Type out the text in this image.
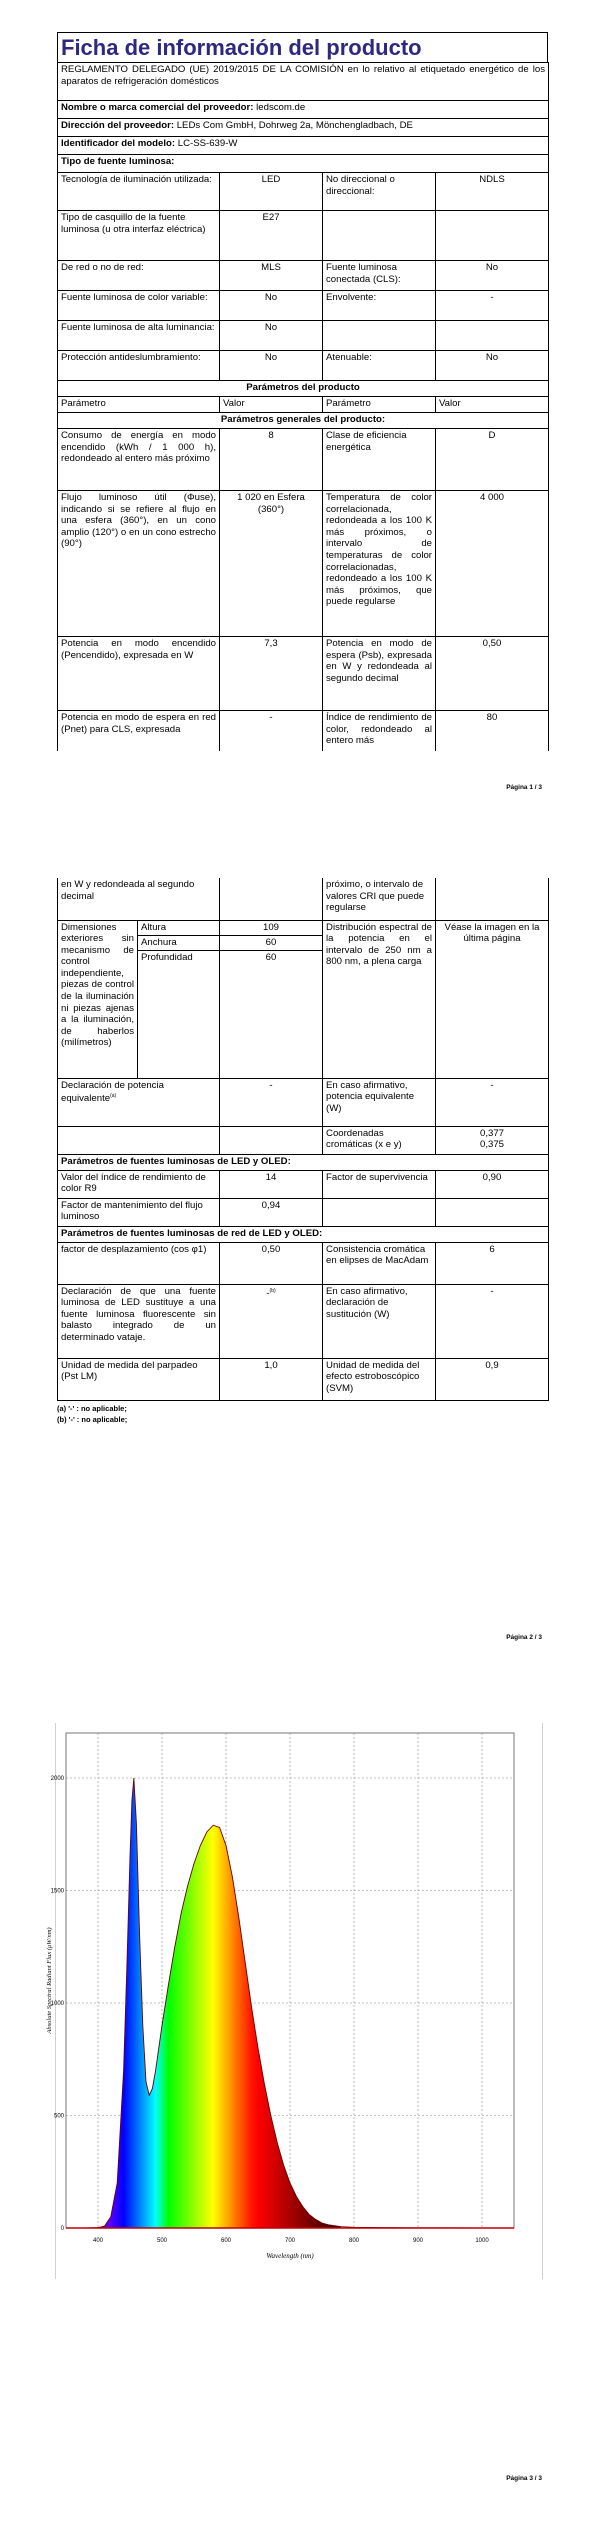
Ficha de información del producto
REGLAMENTO DELEGADO (UE) 2019/2015 DE LA COMISIÓN en lo relativo al etiquetado energético de los aparatos de refrigeración domésticos			
Nombre o marca comercial del proveedor: ledscom.de			
Dirección del proveedor: LEDs Com GmbH, Dohrweg 2a, Mönchengladbach, DE			
Identificador del modelo: LC-SS-639-W			
Tipo de fuente luminosa:			
Tecnología de iluminación utilizada:	LED	No direccional o direccional:	NDLS
Tipo de casquillo de la fuente luminosa (u otra interfaz eléctrica)	E27		
De red o no de red:	MLS	Fuente luminosa conectada (CLS):	No
Fuente luminosa de color variable:	No	Envolvente:	-
Fuente luminosa de alta luminancia:	No		
Protección antideslumbramiento:	No	Atenuable:	No
Parámetros del producto			
Parámetro	Valor	Parámetro	Valor
Parámetros generales del producto:			
Consumo de energía en modo encendido (kWh / 1 000 h), redondeado al entero más próximo	8	Clase de eficiencia energética	D
Flujo luminoso útil (Φuse), indicando si se refiere al flujo en una esfera (360°), en un cono amplio (120°) o en un cono estrecho (90°)	1 020 en Esfera (360°)	Temperatura de color correlacionada, redondeada a los 100 K más próximos, o intervalo de temperaturas de color correlacionadas, redondeado a los 100 K más próximos, que puede regularse	4 000
Potencia en modo encendido (Pencendido), expresada en W	7,3	Potencia en modo de espera (Psb), expresada en W y redondeada al segundo decimal	0,50
Potencia en modo de espera en red (Pnet) para CLS, expresada	-	Índice de rendimiento de color, redondeado al entero más	80
Página 1 / 3
en W y redondeada al segundo decimal			próximo, o intervalo de valores CRI que puede regularse	
Dimensiones exteriores sin mecanismo de control independiente, piezas de control de la iluminación ni piezas ajenas a la iluminación, de haberlos (milímetros)	Altura	109	Distribución espectral de la potencia en el intervalo de 250 nm a 800 nm, a plena carga	Véase la imagen en la última página
	Anchura	60		
	Profundidad	60		
Declaración de potencia equivalente$^{(a)}$		-	En caso afirmativo, potencia equivalente (W)	-
			Coordenadas cromáticas (x e y)	0,377
0,375

Parámetros de fuentes luminosas de LED y OLED:				
Valor del índice de rendimiento de color R9		14	Factor de supervivencia	0,90
Factor de mantenimiento del flujo luminoso		0,94		
Parámetros de fuentes luminosas de red de LED y OLED:				
factor de desplazamiento (cos φ1)		0,50	Consistencia cromática en elipses de MacAdam	6
Declaración de que una fuente luminosa de LED sustituye a una fuente luminosa fluorescente sin balasto integrado de un determinado vataje.		-$^{(b)}$	En caso afirmativo, declaración de sustitución (W)	-
Unidad de medida del parpadeo (Pst LM)		1,0	Unidad de medida del efecto estroboscópico (SVM)	0,9
(a) '-' : no aplicable;
(b) '-' : no aplicable;
Página 2 / 3
400	500	600	700	800	900	1000
0
500
1000
1500
2000
Wavelength (nm)
Absolute Spectral Radiant Flux (μW/nm)
Página 3 / 3
